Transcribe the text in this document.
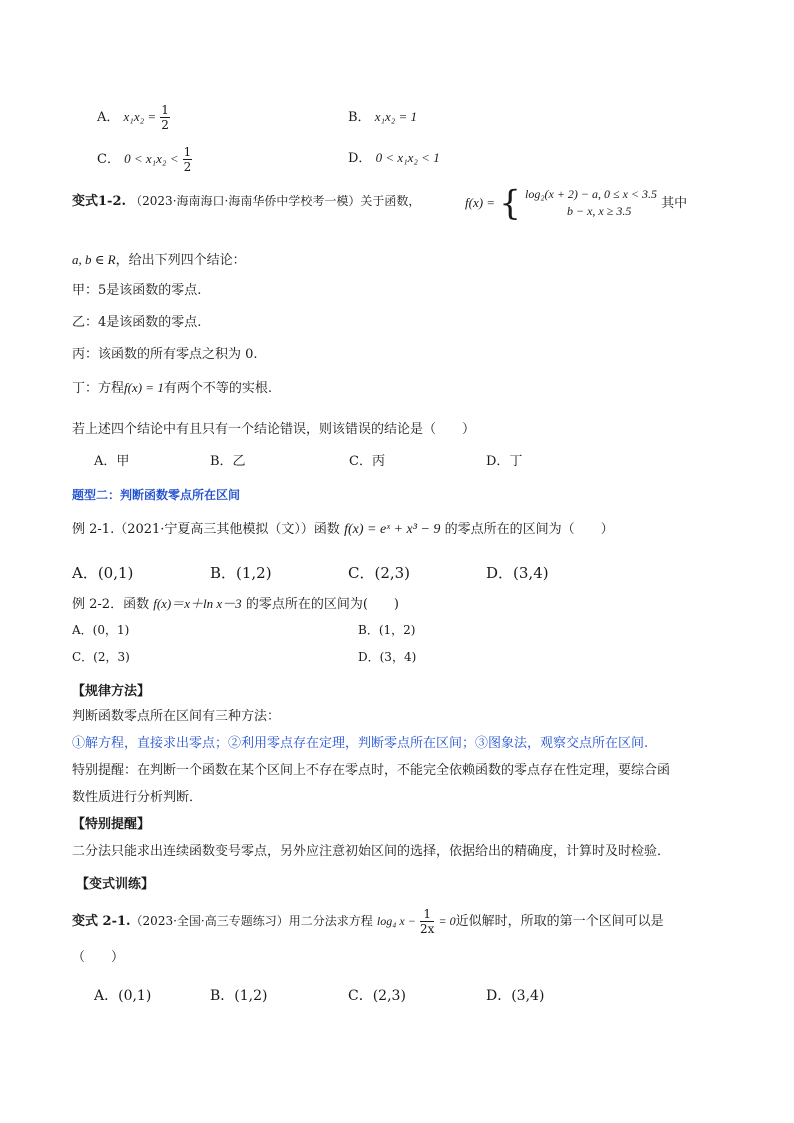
A． $x_1x_2 = \frac{1}{2}$	B． x₁x₂ = 1
C． $0 < x_1x_2 < \frac{1}{2}$	D． 0 < x₁x₂ < 1
变式1-2. （2023·海南海口·海南华侨中学校考一模）关于函数，	f(x) = { log₂(x + 2) − a, 0 ≤ x < 3.5
b − x, x ≥ 3.5
其中
a, b ∈ R，给出下列四个结论：
甲：5是该函数的零点.
乙：4是该函数的零点.
丙：该函数的所有零点之积为 0.
丁：方程f(x) = 1有两个不等的实根.
若上述四个结论中有且只有一个结论错误，则该错误的结论是（　　）
A．甲	B．乙	C．丙	D．丁
题型二：判断函数零点所在区间
例 2-1.（2021·宁夏高三其他模拟（文））函数 f(x) = eˣ + x³ − 9 的零点所在的区间为（　　）
A．(0,1)	B．(1,2)	C．(2,3)	D．(3,4)
例 2-2．函数 f(x)＝x＋ln x－3 的零点所在的区间为(　　)
A．(0，1)	B．(1，2)
C．(2，3)	D．(3，4)
【规律方法】
判断函数零点所在区间有三种方法：
①解方程，直接求出零点；②利用零点存在定理，判断零点所在区间；③图象法，观察交点所在区间.
特别提醒：在判断一个函数在某个区间上不存在零点时，不能完全依赖函数的零点存在性定理，要综合函
数性质进行分析判断．
【特别提醒】
二分法只能求出连续函数变号零点，另外应注意初始区间的选择，依据给出的精确度，计算时及时检验．
【变式训练】
变式 2-1.（2023·全国·高三专题练习）用二分法求方程 log₄ $x - \frac{1}{2x} = 0$近似解时，所取的第一个区间可以是
（　　）
A．(0,1)	B．(1,2)	C．(2,3)	D．(3,4)
